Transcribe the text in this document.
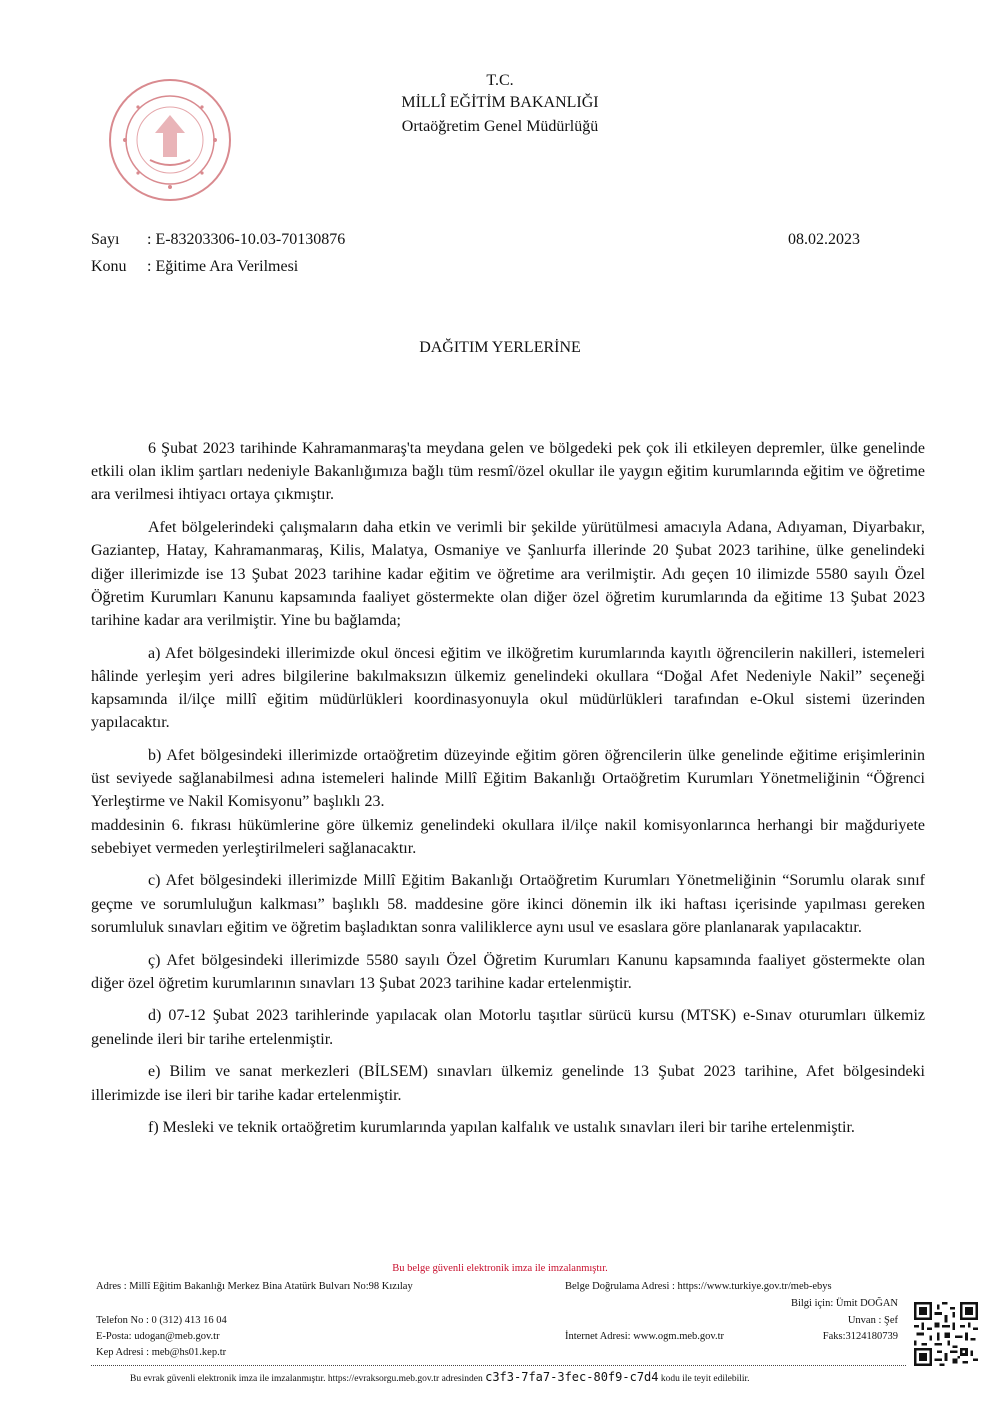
T.C.
MİLLÎ EĞİTİM BAKANLIĞI
Ortaöğretim Genel Müdürlüğü
Sayı : E-83203306-10.03-70130876	08.02.2023
Konu : Eğitime Ara Verilmesi
DAĞITIM YERLERİNE

6 Şubat 2023 tarihinde Kahramanmaraş'ta meydana gelen ve bölgedeki pek çok ili etkileyen depremler, ülke genelinde etkili olan iklim şartları nedeniyle Bakanlığımıza bağlı tüm resmî/özel okullar ile yaygın eğitim kurumlarında eğitim ve öğretime ara verilmesi ihtiyacı ortaya çıkmıştır.

Afet bölgelerindeki çalışmaların daha etkin ve verimli bir şekilde yürütülmesi amacıyla Adana, Adıyaman, Diyarbakır, Gaziantep, Hatay, Kahramanmaraş, Kilis, Malatya, Osmaniye ve Şanlıurfa illerinde 20 Şubat 2023 tarihine, ülke genelindeki diğer illerimizde ise 13 Şubat 2023 tarihine kadar eğitim ve öğretime ara verilmiştir. Adı geçen 10 ilimizde 5580 sayılı Özel Öğretim Kurumları Kanunu kapsamında faaliyet göstermekte olan diğer özel öğretim kurumlarında da eğitime 13 Şubat 2023 tarihine kadar ara verilmiştir. Yine bu bağlamda;

a) Afet bölgesindeki illerimizde okul öncesi eğitim ve ilköğretim kurumlarında kayıtlı öğrencilerin nakilleri, istemeleri hâlinde yerleşim yeri adres bilgilerine bakılmaksızın ülkemiz genelindeki okullara “Doğal Afet Nedeniyle Nakil” seçeneği kapsamında il/ilçe millî eğitim müdürlükleri koordinasyonuyla okul müdürlükleri tarafından e-Okul sistemi üzerinden yapılacaktır.

b) Afet bölgesindeki illerimizde ortaöğretim düzeyinde eğitim gören öğrencilerin ülke genelinde eğitime erişimlerinin üst seviyede sağlanabilmesi adına istemeleri halinde Millî Eğitim Bakanlığı Ortaöğretim Kurumları Yönetmeliğinin “Öğrenci Yerleştirme ve Nakil Komisyonu” başlıklı 23.

maddesinin 6. fıkrası hükümlerine göre ülkemiz genelindeki okullara il/ilçe nakil komisyonlarınca herhangi bir mağduriyete sebebiyet vermeden yerleştirilmeleri sağlanacaktır.

c) Afet bölgesindeki illerimizde Millî Eğitim Bakanlığı Ortaöğretim Kurumları Yönetmeliğinin “Sorumlu olarak sınıf geçme ve sorumluluğun kalkması” başlıklı 58. maddesine göre ikinci dönemin ilk iki haftası içerisinde yapılması gereken sorumluluk sınavları eğitim ve öğretim başladıktan sonra valiliklerce aynı usul ve esaslara göre planlanarak yapılacaktır.

ç) Afet bölgesindeki illerimizde 5580 sayılı Özel Öğretim Kurumları Kanunu kapsamında faaliyet göstermekte olan diğer özel öğretim kurumlarının sınavları 13 Şubat 2023 tarihine kadar ertelenmiştir.

d) 07-12 Şubat 2023 tarihlerinde yapılacak olan Motorlu taşıtlar sürücü kursu (MTSK) e-Sınav oturumları ülkemiz genelinde ileri bir tarihe ertelenmiştir.

e) Bilim ve sanat merkezleri (BİLSEM) sınavları ülkemiz genelinde 13 Şubat 2023 tarihine, Afet bölgesindeki illerimizde ise ileri bir tarihe kadar ertelenmiştir.

f) Mesleki ve teknik ortaöğretim kurumlarında yapılan kalfalık ve ustalık sınavları ileri bir tarihe ertelenmiştir.

Bu belge güvenli elektronik imza ile imzalanmıştır.
Adres : Millî Eğitim Bakanlığı Merkez Bina Atatürk Bulvarı No:98 Kızılay	Belge Doğrulama Adresi : https://www.turkiye.gov.tr/meb-ebys
Bilgi için: Ümit DOĞAN
Telefon No : 0 (312) 413 16 04	Unvan : Şef
E-Posta: udogan@meb.gov.tr	İnternet Adresi: www.ogm.meb.gov.tr	Faks:3124180739
Kep Adresi : meb@hs01.kep.tr
Bu evrak güvenli elektronik imza ile imzalanmıştır. https://evraksorgu.meb.gov.tr adresinden c3f3-7fa7-3fec-80f9-c7d4 kodu ile teyit edilebilir.
